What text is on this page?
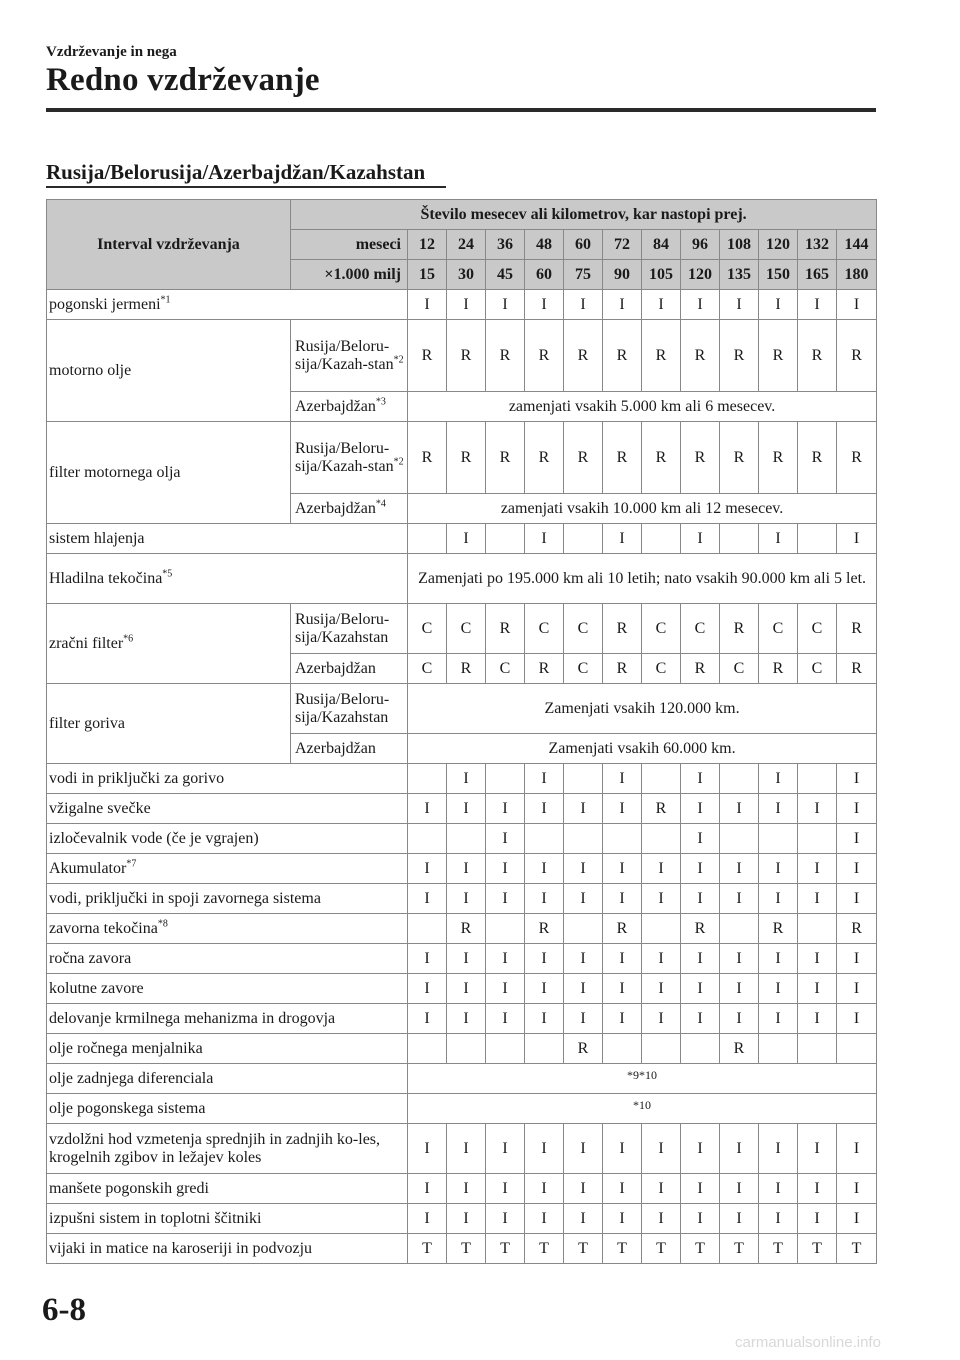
Vzdrževanje in nega
Redno vzdrževanje
Rusija/Belorusija/Azerbajdžan/Kazahstan
Interval vzdrževanja	Število mesecev ali kilometrov, kar nastopi prej.												
	meseci	12	24	36	48	60	72	84	96	108	120	132	144
	×1.000 milj	15	30	45	60	75	90	105	120	135	150	165	180
pogonski jermeni$^{*1}$		I	I	I	I	I	I	I	I	I	I	I	I
motorno olje	Rusija/Beloru-sija/Kazah-stan$^{*2}$	R	R	R	R	R	R	R	R	R	R	R	R
	Azerbajdžan$^{*3}$	zamenjati vsakih 5.000 km ali 6 mesecev.											
filter motornega olja	Rusija/Beloru-sija/Kazah-stan$^{*2}$	R	R	R	R	R	R	R	R	R	R	R	R
	Azerbajdžan$^{*4}$	zamenjati vsakih 10.000 km ali 12 mesecev.											
sistem hlajenja			I		I		I		I		I		I
Hladilna tekočina$^{*5}$		Zamenjati po 195.000 km ali 10 letih; nato vsakih 90.000 km ali 5 let.											
zračni filter$^{*6}$	Rusija/Beloru-sija/Kazahstan	C	C	R	C	C	R	C	C	R	C	C	R
	Azerbajdžan	C	R	C	R	C	R	C	R	C	R	C	R
filter goriva	Rusija/Beloru-sija/Kazahstan	Zamenjati vsakih 120.000 km.											
	Azerbajdžan	Zamenjati vsakih 60.000 km.											
vodi in priključki za gorivo			I		I		I		I		I		I
vžigalne svečke		I	I	I	I	I	I	R	I	I	I	I	I
izločevalnik vode (če je vgrajen)				I					I				I
Akumulator$^{*7}$		I	I	I	I	I	I	I	I	I	I	I	I
vodi, priključki in spoji zavornega sistema		I	I	I	I	I	I	I	I	I	I	I	I
zavorna tekočina$^{*8}$			R		R		R		R		R		R
ročna zavora		I	I	I	I	I	I	I	I	I	I	I	I
kolutne zavore		I	I	I	I	I	I	I	I	I	I	I	I
delovanje krmilnega mehanizma in drogovja		I	I	I	I	I	I	I	I	I	I	I	I
olje ročnega menjalnika						R				R			
olje zadnjega diferenciala		*9*10											
olje pogonskega sistema		*10											
vzdolžni hod vzmetenja sprednjih in zadnjih ko-les, krogelnih zgibov in ležajev koles		I	I	I	I	I	I	I	I	I	I	I	I
manšete pogonskih gredi		I	I	I	I	I	I	I	I	I	I	I	I
izpušni sistem in toplotni ščitniki		I	I	I	I	I	I	I	I	I	I	I	I
vijaki in matice na karoseriji in podvozju		T	T	T	T	T	T	T	T	T	T	T	T
6-8
carmanualsonline.info
